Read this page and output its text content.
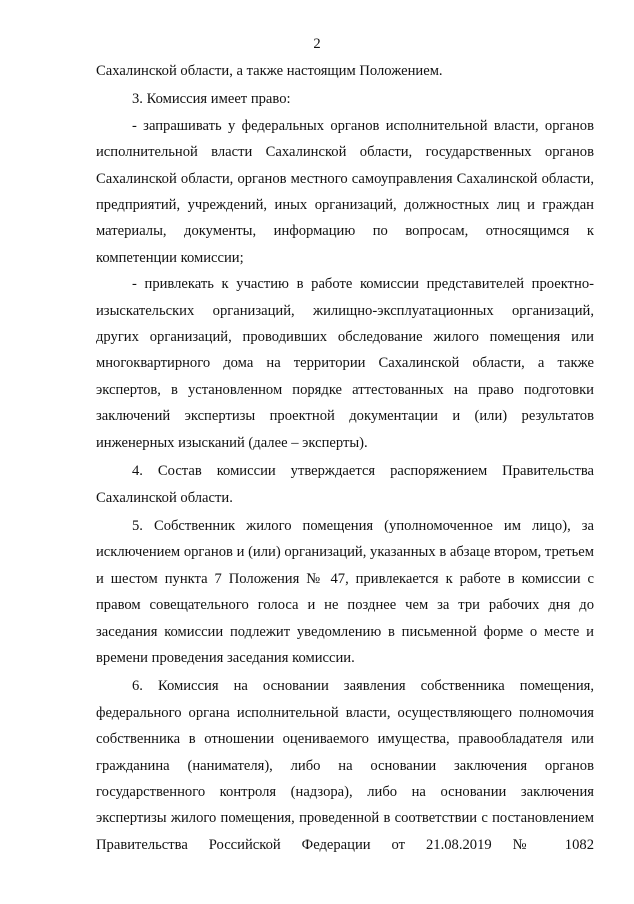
2

Сахалинской области, а также настоящим Положением.

3. Комиссия имеет право:

- запрашивать у федеральных органов исполнительной власти, органов исполнительной власти Сахалинской области, государственных органов Сахалинской области, органов местного самоуправления Сахалинской области, предприятий, учреждений, иных организаций, должностных лиц и граждан материалы, документы, информацию по вопросам, относящимся к компетенции комиссии;

- привлекать к участию в работе комиссии представителей проектно-изыскательских организаций, жилищно-эксплуатационных организаций, других организаций, проводивших обследование жилого помещения или многоквартирного дома на территории Сахалинской области, а также экспертов, в установленном порядке аттестованных на право подготовки заключений экспертизы проектной документации и (или) результатов инженерных изысканий (далее – эксперты).

4. Состав комиссии утверждается распоряжением Правительства Сахалинской области.

5. Собственник жилого помещения (уполномоченное им лицо), за исключением органов и (или) организаций, указанных в абзаце втором, третьем и шестом пункта 7 Положения № 47, привлекается к работе в комиссии с правом совещательного голоса и не позднее чем за три рабочих дня до заседания комиссии подлежит уведомлению в письменной форме о месте и времени проведения заседания комиссии.

6. Комиссия на основании заявления собственника помещения, федерального органа исполнительной власти, осуществляющего полномочия собственника в отношении оцениваемого имущества, правообладателя или гражданина (нанимателя), либо на основании заключения органов государственного контроля (надзора), либо на основании заключения экспертизы жилого помещения, проведенной в соответствии с постановлением Правительства Российской Федерации от 21.08.2019 № 1082
